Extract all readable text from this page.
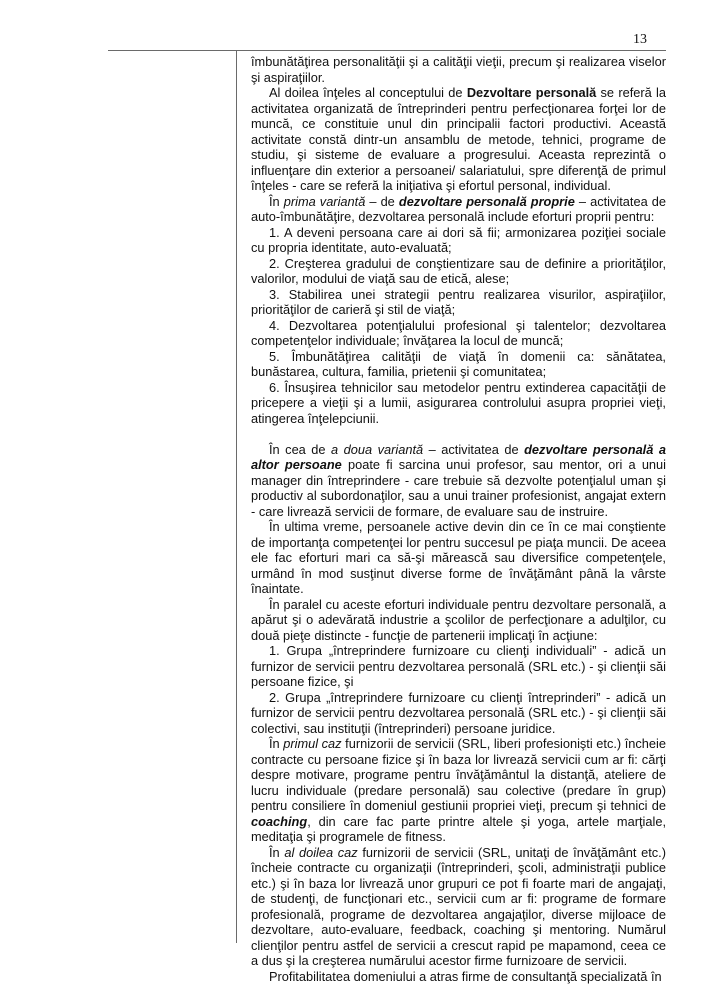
13

îmbunătăţirea personalităţii şi a calităţii vieţii, precum şi realizarea viselor şi aspiraţiilor.

Al doilea înţeles al conceptului de Dezvoltare personală se referă la activitatea organizată de întreprinderi pentru perfecţionarea forţei lor de muncă, ce constituie unul din principalii factori productivi. Această activitate constă dintr-un ansamblu de metode, tehnici, programe de studiu, şi sisteme de evaluare a progresului. Aceasta reprezintă o influenţare din exterior a persoanei/ salariatului, spre diferenţă de primul înţeles - care se referă la iniţiativa şi efortul personal, individual.

În prima variantă – de dezvoltare personală proprie – activitatea de auto-îmbunătăţire, dezvoltarea personală include eforturi proprii pentru:

1. A deveni persoana care ai dori să fii; armonizarea poziţiei sociale cu propria identitate, auto-evaluată;

2. Creşterea gradului de conştientizare sau de definire a priorităţilor, valorilor, modului de viaţă sau de etică, alese;

3. Stabilirea unei strategii pentru realizarea visurilor, aspiraţiilor, priorităţilor de carieră şi stil de viaţă;

4. Dezvoltarea potenţialului profesional şi talentelor; dezvoltarea competenţelor individuale; învăţarea la locul de muncă;

5. Îmbunătăţirea calităţii de viaţă în domenii ca: sănătatea, bunăstarea, cultura, familia, prietenii şi comunitatea;

6. Însuşirea tehnicilor sau metodelor pentru extinderea capacităţii de pricepere a vieţii şi a lumii, asigurarea controlului asupra propriei vieţi, atingerea înţelepciunii.

În cea de a doua variantă – activitatea de dezvoltare personală a altor persoane poate fi sarcina unui profesor, sau mentor, ori a unui manager din întreprindere - care trebuie să dezvolte potenţialul uman şi productiv al subordonaţilor, sau a unui trainer profesionist, angajat extern - care livrează servicii de formare, de evaluare sau de instruire.

În ultima vreme, persoanele active devin din ce în ce mai conştiente de importanţa competenţei lor pentru succesul pe piaţa muncii. De aceea ele fac eforturi mari ca să-şi mărească sau diversifice competenţele, urmând în mod susţinut diverse forme de învăţământ până la vârste înaintate.

În paralel cu aceste eforturi individuale pentru dezvoltare personală, a apărut şi o adevărată industrie a şcolilor de perfecţionare a adulţilor, cu două pieţe distincte - funcţie de partenerii implicaţi în acţiune:

1. Grupa „întreprindere furnizoare cu clienţi individuali” - adică un furnizor de servicii pentru dezvoltarea personală (SRL etc.) - şi clienţii săi persoane fizice, şi

2. Grupa „întreprindere furnizoare cu clienţi întreprinderi” - adică un furnizor de servicii pentru dezvoltarea personală (SRL etc.) - şi clienţii săi colectivi, sau instituţii (întreprinderi) persoane juridice.

În primul caz furnizorii de servicii (SRL, liberi profesionişti etc.) încheie contracte cu persoane fizice şi în baza lor livrează servicii cum ar fi: cărţi despre motivare, programe pentru învăţământul la distanţă, ateliere de lucru individuale (predare personală) sau colective (predare în grup) pentru consiliere în domeniul gestiunii propriei vieţi, precum şi tehnici de coaching, din care fac parte printre altele şi yoga, artele marţiale, meditaţia şi programele de fitness.

În al doilea caz furnizorii de servicii (SRL, unitaţi de învăţământ etc.) încheie contracte cu organizaţii (întreprinderi, şcoli, administraţii publice etc.) şi în baza lor livrează unor grupuri ce pot fi foarte mari de angajaţi, de studenţi, de funcţionari etc., servicii cum ar fi: programe de formare profesională, programe de dezvoltarea angajaţilor, diverse mijloace de dezvoltare, auto-evaluare, feedback, coaching şi mentoring. Numărul clienţilor pentru astfel de servicii a crescut rapid pe mapamond, ceea ce a dus şi la creşterea numărului acestor firme furnizoare de servicii.

Profitabilitatea domeniului a atras firme de consultanţă specializată în
